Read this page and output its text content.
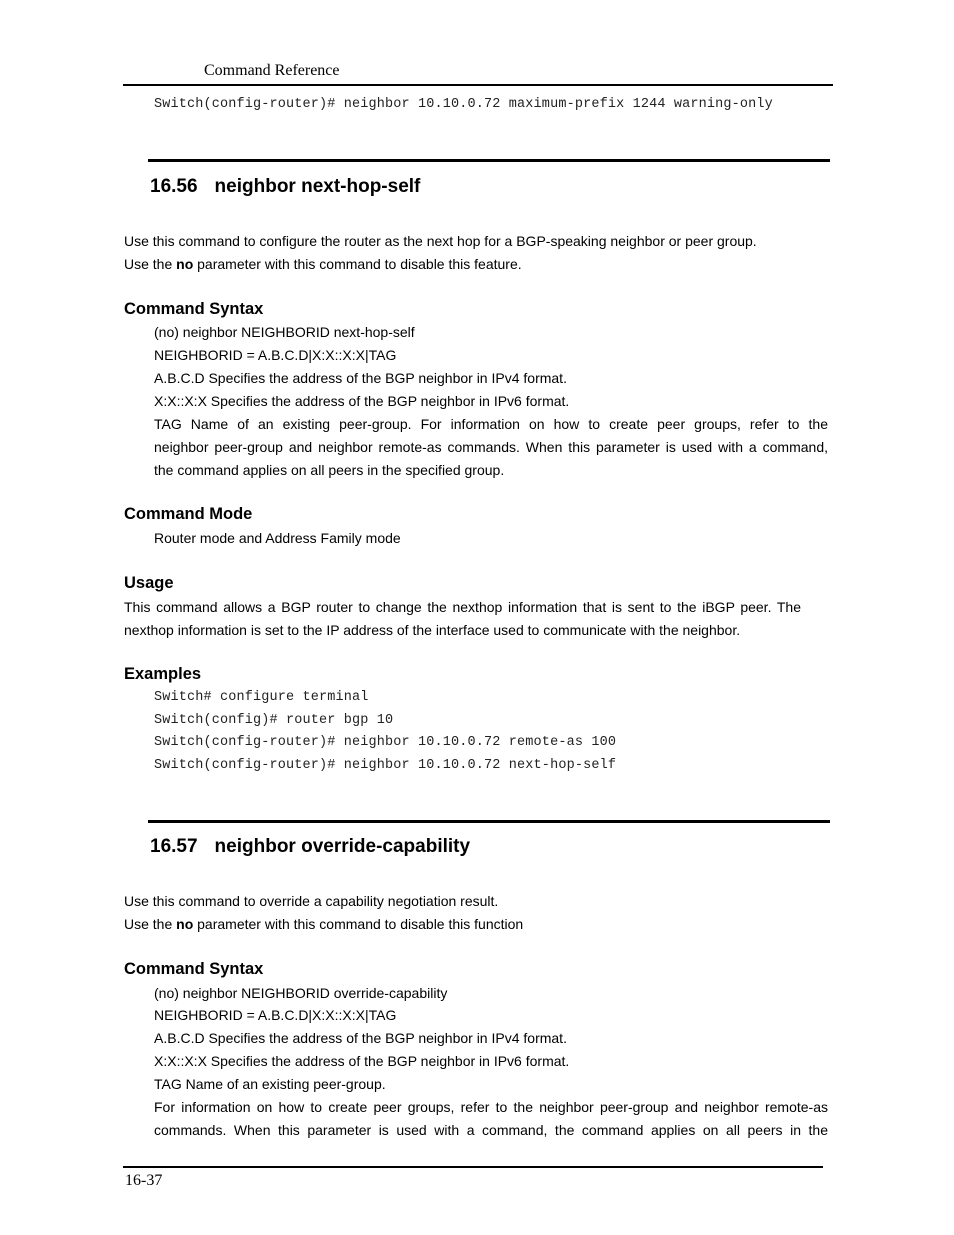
Command Reference
Switch(config-router)# neighbor 10.10.0.72 maximum-prefix 1244 warning-only
16.56 neighbor next-hop-self
Use this command to configure the router as the next hop for a BGP-speaking neighbor or peer group.
Use the no parameter with this command to disable this feature.
Command Syntax
(no) neighbor NEIGHBORID next-hop-self
NEIGHBORID = A.B.C.D|X:X::X:X|TAG
A.B.C.D Specifies the address of the BGP neighbor in IPv4 format.
X:X::X:X Specifies the address of the BGP neighbor in IPv6 format.
TAG Name of an existing peer-group. For information on how to create peer groups, refer to the
neighbor peer-group and neighbor remote-as commands. When this parameter is used with a command,
the command applies on all peers in the specified group.
Command Mode
Router mode and Address Family mode
Usage
This command allows a BGP router to change the nexthop information that is sent to the iBGP peer. The
nexthop information is set to the IP address of the interface used to communicate with the neighbor.
Examples
Switch# configure terminal
Switch(config)# router bgp 10
Switch(config-router)# neighbor 10.10.0.72 remote-as 100
Switch(config-router)# neighbor 10.10.0.72 next-hop-self
16.57 neighbor override-capability
Use this command to override a capability negotiation result.
Use the no parameter with this command to disable this function
Command Syntax
(no) neighbor NEIGHBORID override-capability
NEIGHBORID = A.B.C.D|X:X::X:X|TAG
A.B.C.D Specifies the address of the BGP neighbor in IPv4 format.
X:X::X:X Specifies the address of the BGP neighbor in IPv6 format.
TAG Name of an existing peer-group.
For information on how to create peer groups, refer to the neighbor peer-group and neighbor remote-as
commands. When this parameter is used with a command, the command applies on all peers in the
16-37
